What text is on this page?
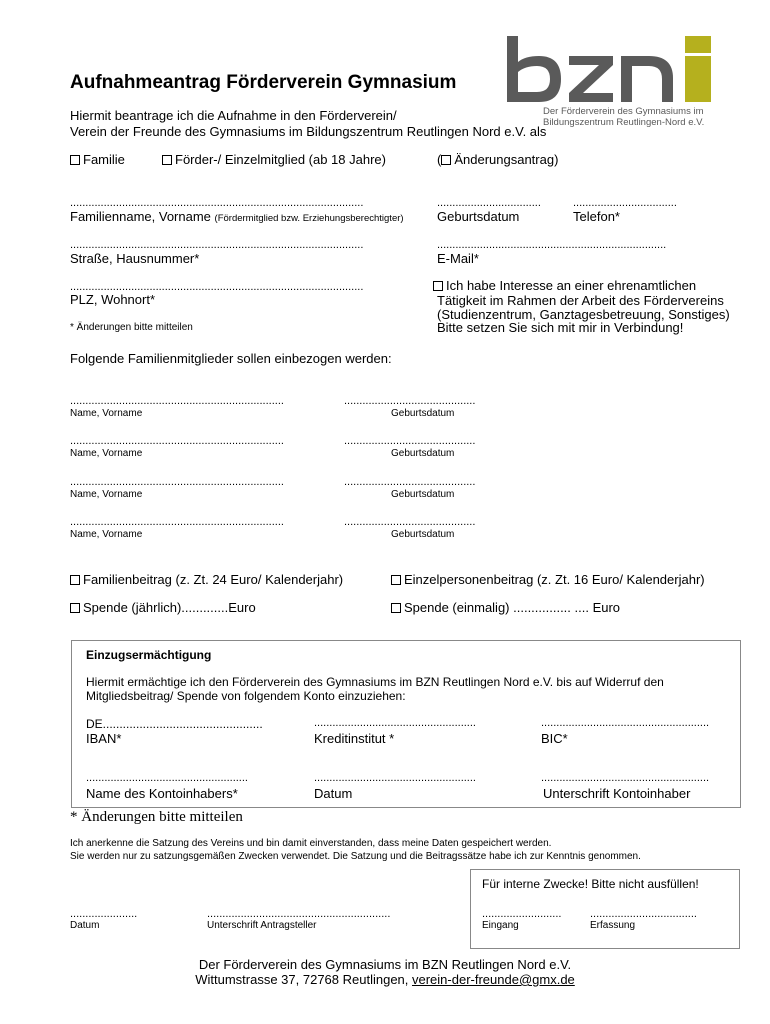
Der Förderverein des Gymnasiums im
Bildungszentrum Reutlingen-Nord e.V.
Aufnahmeantrag Förderverein Gymnasium
Hiermit beantrage ich die Aufnahme in den Förderverein/
Verein der Freunde des Gymnasiums im Bildungszentrum Reutlingen Nord e.V. als
Familie	Förder-/ Einzelmitglied (ab 18 Jahre)	( Änderungsantrag)
................................................................................................	..................................	..................................
Familienname, Vorname (Fördermitglied bzw. Erziehungsberechtigter)	Geburtsdatum	Telefon*
................................................................................................	...........................................................................
Straße, Hausnummer*	E-Mail*
................................................................................................
PLZ, Wohnort*
* Änderungen bitte mitteilen
Ich habe Interesse an einer ehrenamtlichen
Tätigkeit im Rahmen der Arbeit des Fördervereins
(Studienzentrum, Ganztagesbetreuung, Sonstiges)
Bitte setzen Sie sich mit mir in Verbindung!
Folgende Familienmitglieder sollen einbezogen werden:
......................................................................	...........................................
Name, Vorname	Geburtsdatum
......................................................................	...........................................
Name, Vorname	Geburtsdatum
......................................................................	...........................................
Name, Vorname	Geburtsdatum
......................................................................	...........................................
Name, Vorname	Geburtsdatum
Familienbeitrag (z. Zt. 24 Euro/ Kalenderjahr)	Einzelpersonenbeitrag (z. Zt. 16 Euro/ Kalenderjahr)
Spende (jährlich).............Euro	Spende (einmalig) ................ .... Euro
Einzugsermächtigung
Hiermit ermächtige ich den Förderverein des Gymnasiums im BZN Reutlingen Nord e.V. bis auf Widerruf den
Mitgliedsbeitrag/ Spende von folgendem Konto einzuziehen:
DE................................................	.....................................................	.......................................................
IBAN*	Kreditinstitut *	BIC*
.....................................................	.....................................................	.......................................................
Name des Kontoinhabers*	Datum	Unterschrift Kontoinhaber
* Änderungen bitte mitteilen
Ich anerkenne die Satzung des Vereins und bin damit einverstanden, dass meine Daten gespeichert werden.
Sie werden nur zu satzungsgemäßen Zwecken verwendet. Die Satzung und die Beitragssätze habe ich zur Kenntnis genommen.
Für interne Zwecke! Bitte nicht ausfüllen!
..........................	...................................
Eingang	Erfassung
......................	............................................................
Datum	Unterschrift Antragsteller
Der Förderverein des Gymnasiums im BZN Reutlingen Nord e.V.
Wittumstrasse 37, 72768 Reutlingen, verein-der-freunde@gmx.de
